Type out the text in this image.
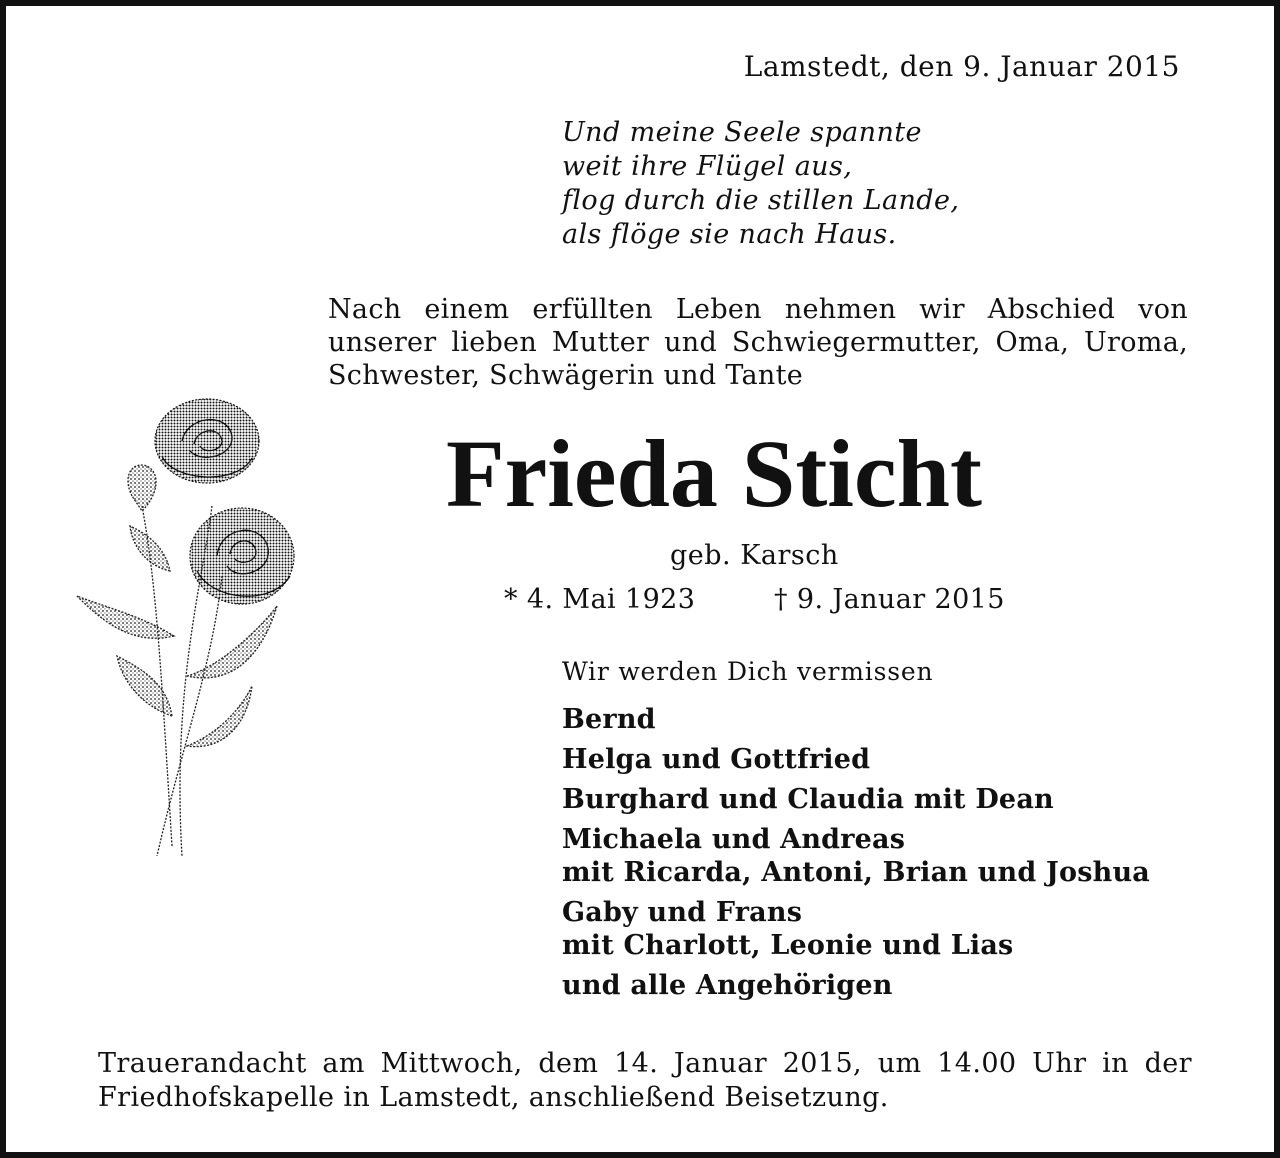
Lamstedt, den 9. Januar 2015
Und meine Seele spannte
weit ihre Flügel aus,
flog durch die stillen Lande,
als flöge sie nach Haus.
Nach einem erfüllten Leben nehmen wir Abschied von unserer lieben Mutter und Schwiegermutter, Oma, Uroma, Schwester, Schwägerin und Tante
Frieda Sticht
geb. Karsch
* 4. Mai 1923	† 9. Januar 2015
Wir werden Dich vermissen
Bernd
Helga und Gottfried
Burghard und Claudia mit Dean
Michaela und Andreas
mit Ricarda, Antoni, Brian und Joshua
Gaby und Frans
mit Charlott, Leonie und Lias
und alle Angehörigen
Trauerandacht am Mittwoch, dem 14. Januar 2015, um 14.00 Uhr in der Friedhofskapelle in Lamstedt, anschließend Beisetzung.
